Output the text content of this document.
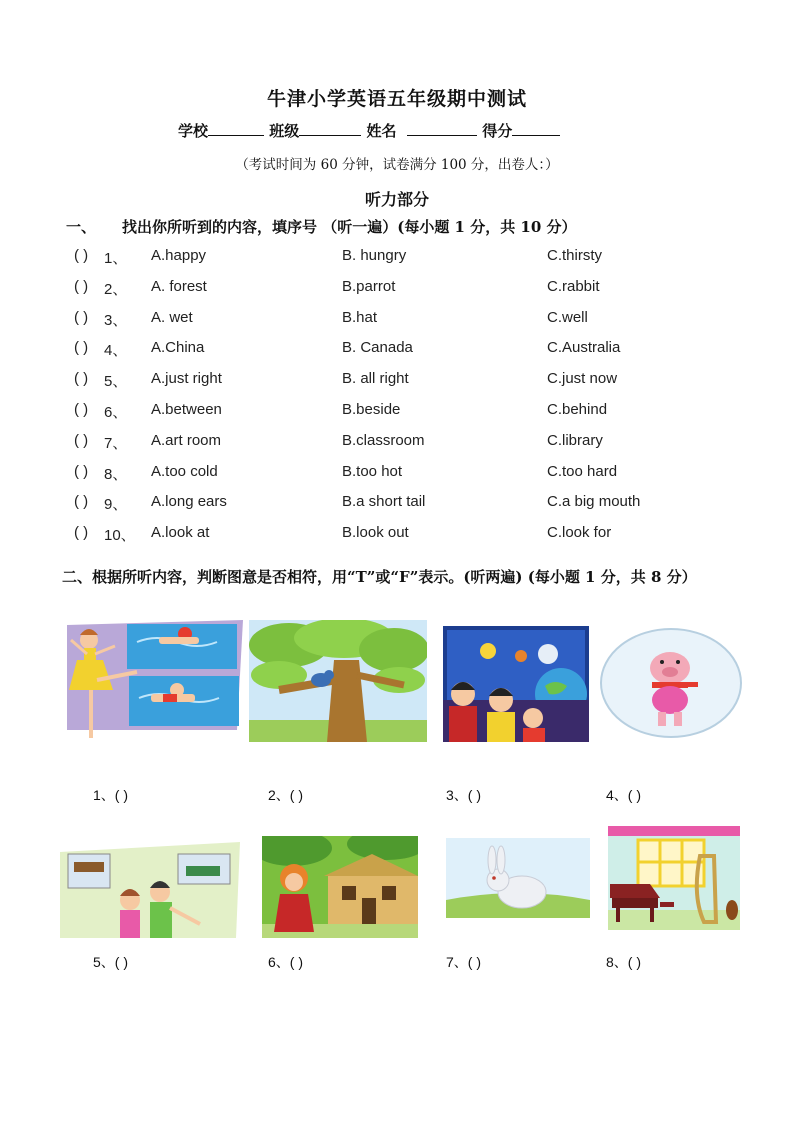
牛津小学英语五年级期中测试
学校	班级	姓名	得分
（考试时间为 60 分钟，试卷满分 100 分，出卷人：）
听力部分
一、 找出你所听到的内容，填序号 （听一遍）(每小题 1 分，共 10 分）
( ) 1、 A.happy	B. hungry	C.thirsty
( ) 2、 A. forest	B.parrot	C.rabbit
( ) 3、 A. wet	B.hat	C.well
( ) 4、 A.China	B. Canada	C.Australia
( ) 5、 A.just right	B. all right	C.just now
( ) 6、 A.between	B.beside	C.behind
( ) 7、 A.art room	B.classroom	C.library
( ) 8、 A.too cold	B.too hot	C.too hard
( ) 9、 A.long ears	B.a short tail	C.a big mouth
( ) 10、 A.look at	B.look out	C.look for
二、根据所听内容，判断图意是否相符，用“T”或“F”表示。(听两遍) (每小题 1 分，共 8 分）
1、( )	2、( )	3、( )	4、( )
5、( )	6、( )	7、( )	8、( )
